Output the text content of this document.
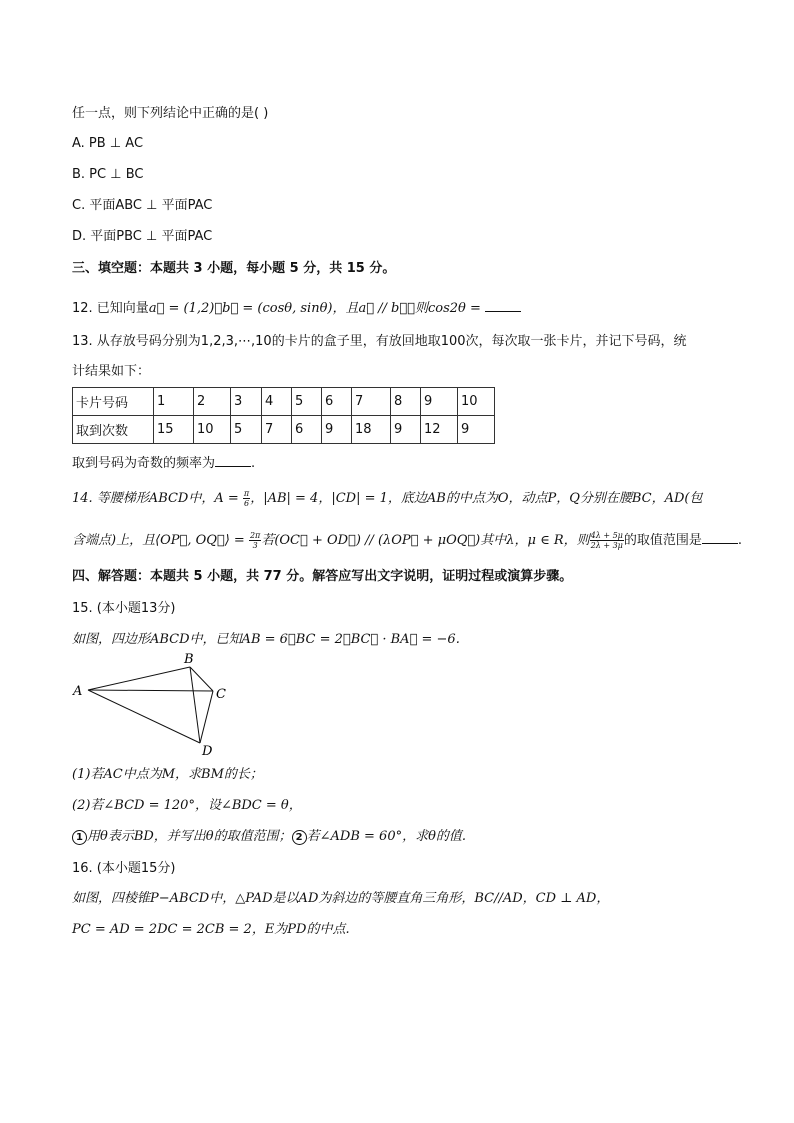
任一点，则下列结论中正确的是( )
A. PB ⊥ AC
B. PC ⊥ BC
C. 平面ABC ⊥ 平面PAC
D. 平面PBC ⊥ 平面PAC
三、填空题：本题共 3 小题，每小题 5 分，共 15 分。
12. 已知向量a⃗ = (1,2)，b⃗ = (cosθ, sinθ)，且a⃗ // b⃗，则cos2θ =
13. 从存放号码分别为1,2,3,⋯,10的卡片的盒子里，有放回地取100次，每次取一张卡片，并记下号码，统
计结果如下：
卡片号码	1	2	3	4	5	6	7	8	9	10
取到次数	15	10	5	7	6	9	18	9	12	9
取到号码为奇数的频率为	.
14. 等腰梯形ABCD中，$A = \frac{\pi}{6}$ ，|AB| = 4，|CD| = 1，底边AB的中点为O，动点P，Q分别在腰BC，AD(包
含端点)上，且⟨OP⃗, OQ⃗⟩ = $\frac{2\pi}{3}$ 若(OC⃗ + OD⃗) // (λOP⃗ + μOQ⃗)其中λ，μ ∈ R，则 $\frac{4\lambda + 5\mu}{2\lambda + 3\mu}$ 的取值范围是	.
四、解答题：本题共 5 小题，共 77 分。解答应写出文字说明，证明过程或演算步骤。
15. (本小题13分)
如图，四边形ABCD中，已知AB = 6，BC = 2，BC⃗ · BA⃗ = −6.
A
B
C
D
(1)若AC中点为M，求BM的长；
(2)若∠BCD = 120°，设∠BDC = θ，
1 用θ表示BD，并写出θ的取值范围； 2 若∠ADB = 60°，求θ的值.
16. (本小题15分)
如图，四棱锥P−ABCD中，△PAD是以AD为斜边的等腰直角三角形，BC//AD，CD ⊥ AD，
PC = AD = 2DC = 2CB = 2，E为PD的中点.
